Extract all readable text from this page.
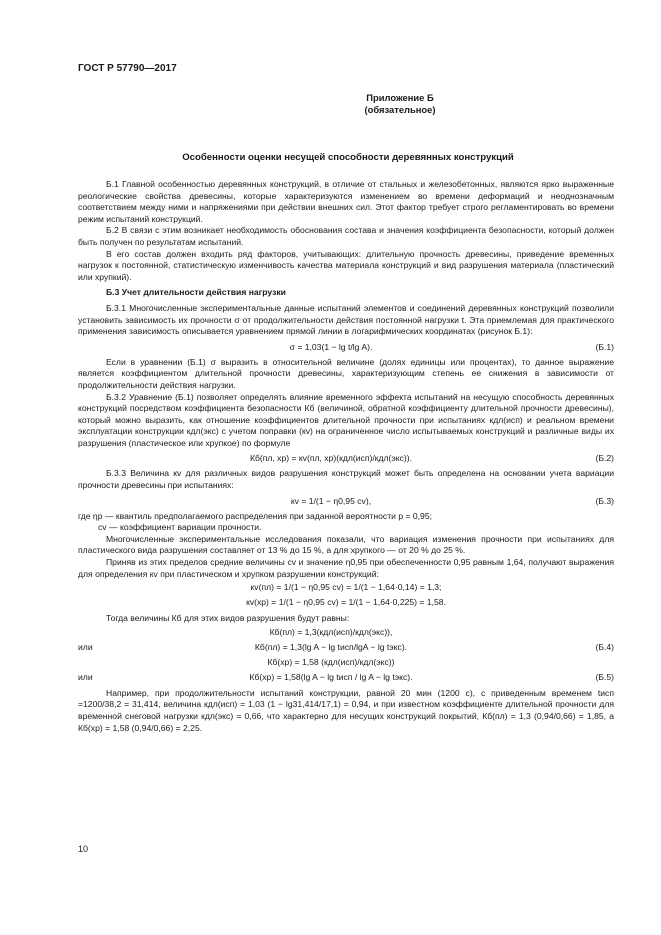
ГОСТ Р 57790—2017
Приложение Б
(обязательное)
Особенности оценки несущей способности деревянных конструкций

Б.1 Главной особенностью деревянных конструкций, в отличие от стальных и железобетонных, являются ярко выраженные реологические свойства древесины, которые характеризуются изменением во времени деформаций и неоднозначным соответствием между ними и напряжениями при действии внешних сил. Этот фактор требует строго регламентировать во времени режим испытаний конструкций.

Б.2 В связи с этим возникает необходимость обоснования состава и значения коэффициента безопасности, который должен быть получен по результатам испытаний.

В его состав должен входить ряд факторов, учитывающих: длительную прочность древесины, приведение временных нагрузок к постоянной, статистическую изменчивость качества материала конструкций и вид разрушения материала (пластический или хрупкий).

Б.3 Учет длительности действия нагрузки

Б.3.1 Многочисленные экспериментальные данные испытаний элементов и соединений деревянных конструкций позволили установить зависимость их прочности σ от продолжительности действия постоянной нагрузки t. Эта приемлемая для практического применения зависимость описывается уравнением прямой линии в логарифмических координатах (рисунок Б.1):

σ = 1,03(1 − lg t/lg A).	(Б.1)

Если в уравнении (Б.1) σ выразить в относительной величине (долях единицы или процентах), то данное выражение является коэффициентом длительной прочности древесины, характеризующим степень ее снижения в зависимости от продолжительности действия нагрузки.

Б.3.2 Уравнение (Б.1) позволяет определять влияние временного эффекта испытаний на несущую способность деревянных конструкций посредством коэффициента безопасности Кб (величиной, обратной коэффициенту длительной прочности древесины), который можно выразить, как отношение коэффициентов длительной прочности при испытаниях кдл(исп) и реальном времени эксплуатации конструкции кдл(экс) с учетом поправки (кv) на ограниченное число испытываемых конструкций и различные виды их разрушения (пластическое или хрупкое) по формуле

Кб(пл, хр) = кv(пл, хр)(кдл(исп)/кдл(экс)).	(Б.2)

Б.3.3 Величина кv для различных видов разрушения конструкций может быть определена на основании учета вариации прочности древесины при испытаниях:

кv = 1/(1 − η0,95 сv),	(Б.3)

где ηр — квантиль предполагаемого распределения при заданной вероятности р = 0,95;

сv — коэффициент вариации прочности.

Многочисленные экспериментальные исследования показали, что вариация изменения прочности при испытаниях для пластического вида разрушения составляет от 13 % до 15 %, а для хрупкого — от 20 % до 25 %.

Приняв из этих пределов средние величины сv и значение η0,95 при обеспеченности 0,95 равным 1,64, получают выражения для определения кv при пластическом и хрупком разрушении конструкций:

кv(пл) = 1/(1 − η0,95 сv) = 1/(1 − 1,64·0,14) = 1,3;
кv(хр) = 1/(1 − η0,95 сv) = 1/(1 − 1,64·0,225) = 1,58.

Тогда величины Кб для этих видов разрушения будут равны:

Кб(пл) = 1,3(кдл(исп)/кдл(экс)),
или	Кб(пл) = 1,3(lg A − lg tисп/lgA − lg tэкс).	(Б.4)
Кб(хр) = 1,58 (кдл(исп)/кдл(экс))
или	Кб(хр) = 1,58(lg A − lg tисп / lg A − lg tэкс).	(Б.5)

Например, при продолжительности испытаний конструкции, равной 20 мин (1200 с), с приведенным временем tисп =1200/38,2 = 31,414, величина кдл(исп) = 1,03 (1 − lg31,414/17,1) = 0,94, и при известном коэффициенте длительной прочности для временной снеговой нагрузки кдл(экс) = 0,66, что характерно для несущих конструкций покрытий, Кб(пл) = 1,3 (0,94/0,66) = 1,85, а Кб(хр) = 1,58 (0,94/0,66) = 2,25.

10
